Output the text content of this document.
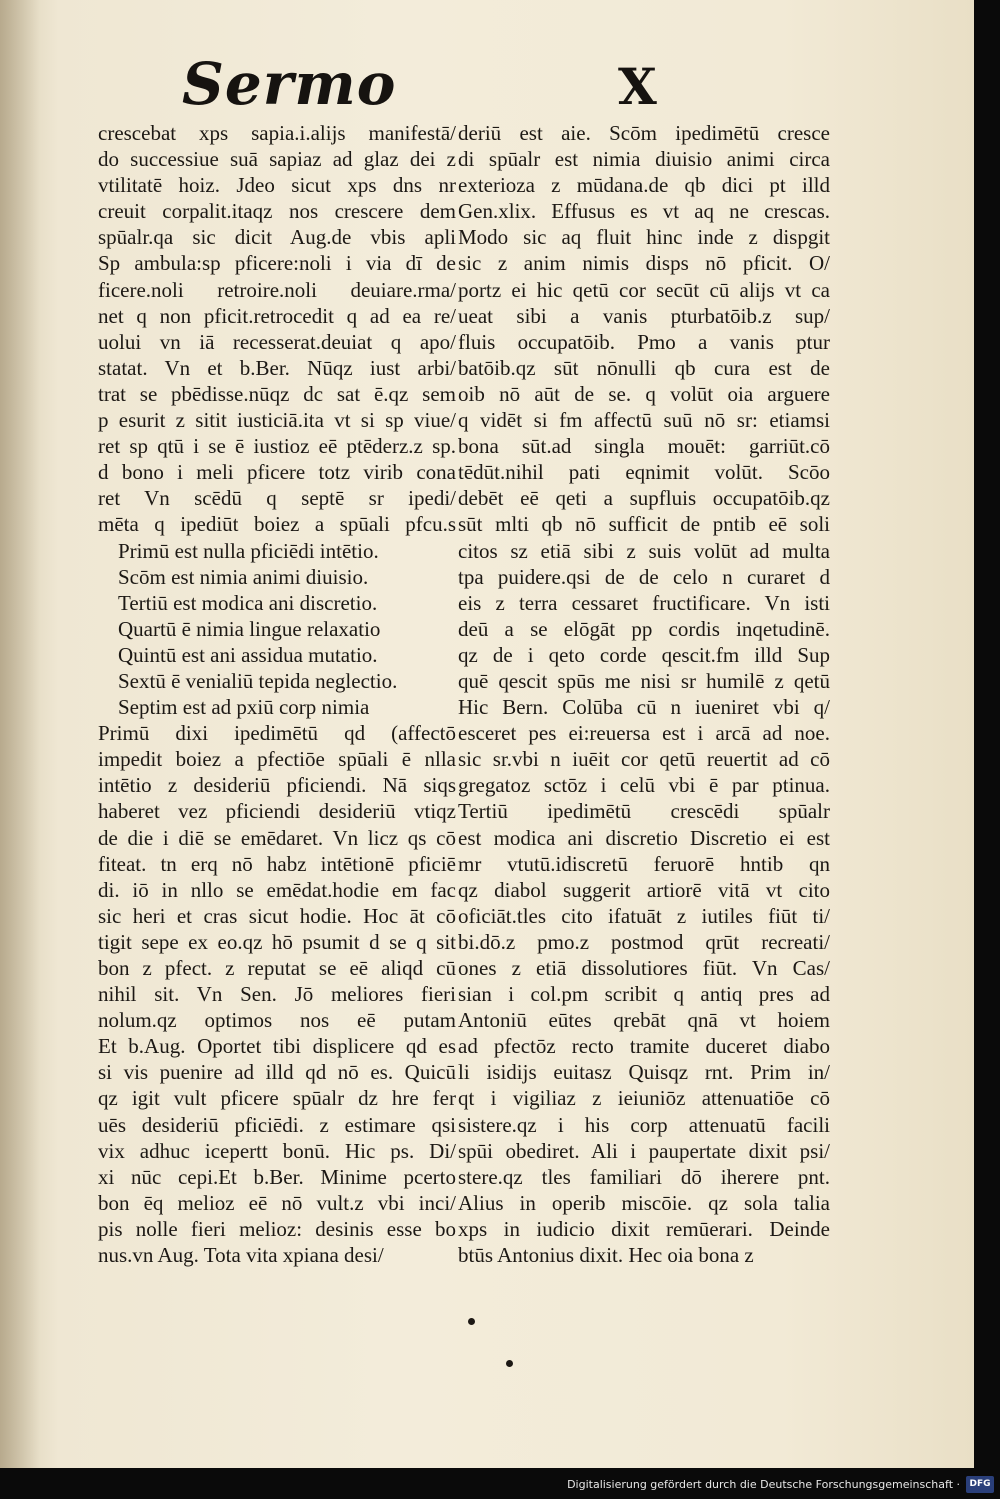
Sermo	X
crescebat xps sapia.i.alijs manifestā/
do successiue suā sapiaz ad glaz dei z
vtilitatē hoiz. Jdeo sicut xps dns nr
creuit corpalit.itaqz nos crescere dem
spūalr.qa sic dicit Aug.de vbis apli
Sp ambula:sp pficere:noli i via dī de
ficere.noli retroire.noli deuiare.rma/
net q non pficit.retrocedit q ad ea re/
uolui vn iā recesserat.deuiat q apo/
statat. Vn et b.Ber. Nūqz iust arbi/
trat se pbēdisse.nūqz dc sat ē.qz sem
p esurit z sitit iusticiā.ita vt si sp viue/
ret sp qtū i se ē iustioz eē ptēderz.z sp.
d bono i meli pficere totz virib cona
ret Vn scēdū q septē sr ipedi/
mēta q ipediūt boiez a spūali pfcu.s
Primū est nulla pficiēdi intētio.
Scōm est nimia animi diuisio.
Tertiū est modica ani discretio.
Quartū ē nimia lingue relaxatio
Quintū est ani assidua mutatio.
Sextū ē venialiū tepida neglectio.
Septim est ad pxiū corp nimia
Primū dixi ipedimētū qd (affectō
impedit boiez a pfectiōe spūali ē nlla
intētio z desideriū pficiendi. Nā siqs
haberet vez pficiendi desideriū vtiqz
de die i diē se emēdaret. Vn licz qs cō
fiteat. tn erq nō habz intētionē pficiē
di. iō in nllo se emēdat.hodie em fac
sic heri et cras sicut hodie. Hoc āt cō
tigit sepe ex eo.qz hō psumit d se q sit
bon z pfect. z reputat se eē aliqd cū
nihil sit. Vn Sen. Jō meliores fieri
nolum.qz optimos nos eē putam
Et b.Aug. Oportet tibi displicere qd es
si vis puenire ad illd qd nō es. Quicū
qz igit vult pficere spūalr dz hre fer
uēs desideriū pficiēdi. z estimare qsi
vix adhuc icepertt bonū. Hic ps. Di/
xi nūc cepi.Et b.Ber. Minime pcerto
bon ēq melioz eē nō vult.z vbi inci/
pis nolle fieri melioz: desinis esse bo
nus.vn Aug. Tota vita xpiana desi/
deriū est aie. Scōm ipedimētū cresce
di spūalr est nimia diuisio animi circa
exterioza z mūdana.de qb dici pt illd
Gen.xlix. Effusus es vt aq ne crescas.
Modo sic aq fluit hinc inde z dispgit
sic z anim nimis disps nō pficit. O/
portz ei hic qetū cor secūt cū alijs vt ca
ueat sibi a vanis pturbatōib.z sup/
fluis occupatōib. Pmo a vanis ptur
batōib.qz sūt nōnulli qb cura est de
oib nō aūt de se. q volūt oia arguere
q vidēt si fm affectū suū nō sr: etiamsi
bona sūt.ad singla mouēt: garriūt.cō
tēdūt.nihil pati eqnimit volūt. Scōo
debēt eē qeti a supfluis occupatōib.qz
sūt mlti qb nō sufficit de pntib eē soli
citos sz etiā sibi z suis volūt ad multa
tpa puidere.qsi de de celo n curaret d
eis z terra cessaret fructificare. Vn isti
deū a se elōgāt pp cordis inqetudinē.
qz de i qeto corde qescit.fm illd Sup
quē qescit spūs me nisi sr humilē z qetū
Hic Bern. Colūba cū n iueniret vbi q/
esceret pes ei:reuersa est i arcā ad noe.
sic sr.vbi n iuēit cor qetū reuertit ad cō
gregatoz sctōz i celū vbi ē par ptinua.
Tertiū ipedimētū crescēdi spūalr
est modica ani discretio Discretio ei est
mr vtutū.idiscretū feruorē hntib qn
qz diabol suggerit artiorē vitā vt cito
oficiāt.tles cito ifatuāt z iutiles fiūt ti/
bi.dō.z pmo.z postmod qrūt recreati/
ones z etiā dissolutiores fiūt. Vn Cas/
sian i col.pm scribit q antiq pres ad
Antoniū eūtes qrebāt qnā vt hoiem
ad pfectōz recto tramite duceret diabo
li isidijs euitasz Quisqz rnt. Prim in/
qt i vigiliaz z ieiuniōz attenuatiōe cō
sistere.qz i his corp attenuatū facili
spūi obediret. Ali i paupertate dixit psi/
stere.qz tles familiari dō iherere pnt.
Alius in operib miscōie. qz sola talia
xps in iudicio dixit remūerari. Deinde
btūs Antonius dixit. Hec oia bona z
Digitalisierung gefördert durch die Deutsche Forschungsgemeinschaft ·	DFG
